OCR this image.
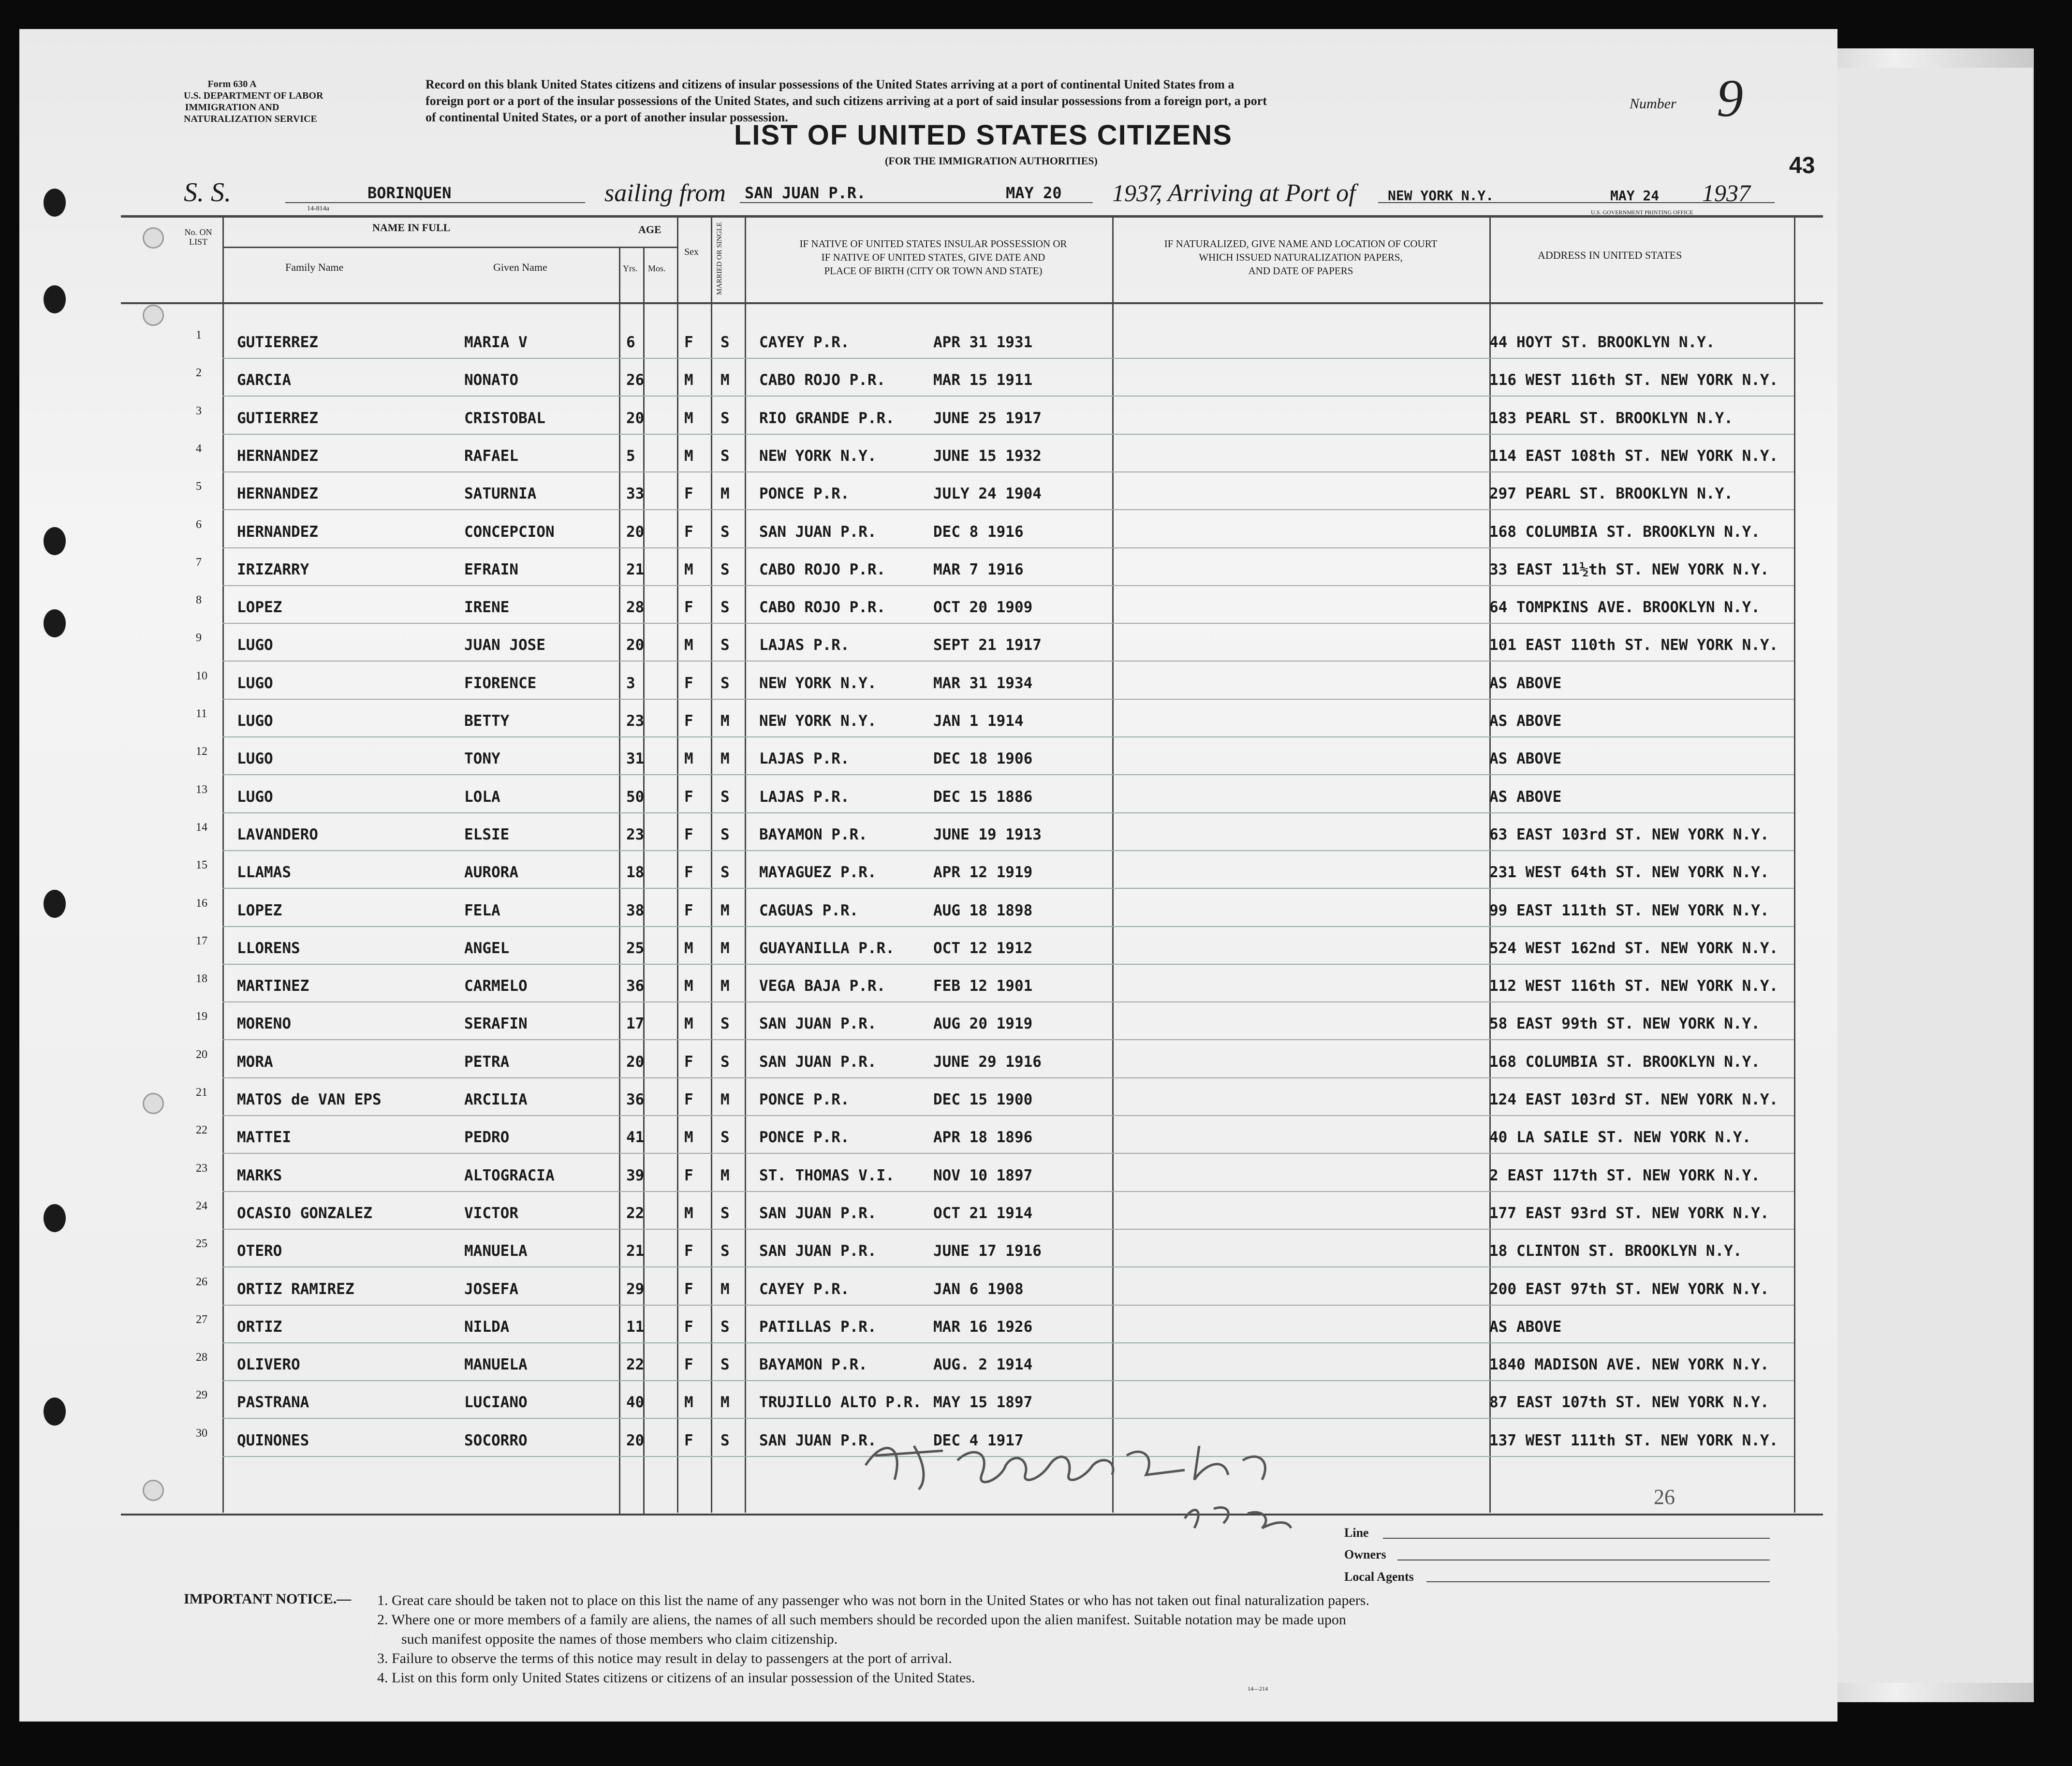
Form 630 A
U.S. DEPARTMENT OF LABOR
IMMIGRATION AND
NATURALIZATION SERVICE
Record on this blank United States citizens and citizens of insular possessions of the United States arriving at a port of continental United States from a
foreign port or a port of the insular possessions of the United States, and such citizens arriving at a port of said insular possessions from a foreign port, a port
of continental United States, or a port of another insular possession.
Number 9
LIST OF UNITED STATES CITIZENS
(FOR THE IMMIGRATION AUTHORITIES)	43
S. S.	BORINQUEN	sailing from SAN JUAN P.R.	MAY 20 1937
, Arriving at Port of NEW YORK N.Y.	MAY 24 1937
14-814a	U.S. GOVERNMENT PRINTING OFFICE
No. ON LIST
NAME IN FULL
Family Name	Given Name
AGE
Yrs. Mos.
Sex MARRIED OR SINGLE	IF NATIVE OF UNITED STATES INSULAR POSSESSION OR
IF NATIVE OF UNITED STATES, GIVE DATE AND
PLACE OF BIRTH (CITY OR TOWN AND STATE)
IF NATURALIZED, GIVE NAME AND LOCATION OF COURT
WHICH ISSUED NATURALIZATION PAPERS,
AND DATE OF PAPERS
ADDRESS IN UNITED STATES
1 GUTIERREZ	MARIA V	6	F S CAYEY P.R.	APR 31 1931	44 HOYT ST. BROOKLYN N.Y.
2 GARCIA	NONATO	26	M M CABO ROJO P.R.	MAR 15 1911	116 WEST 116th ST. NEW YORK N.Y.
3 GUTIERREZ	CRISTOBAL	20	M S RIO GRANDE P.R.	JUNE 25 1917	183 PEARL ST. BROOKLYN N.Y.
4 HERNANDEZ	RAFAEL	5	M S NEW YORK N.Y.	JUNE 15 1932	114 EAST 108th ST. NEW YORK N.Y.
5 HERNANDEZ	SATURNIA	33	F M PONCE P.R.	JULY 24 1904	297 PEARL ST. BROOKLYN N.Y.
6 HERNANDEZ	CONCEPCION	20	F S SAN JUAN P.R.	DEC 8 1916	168 COLUMBIA ST. BROOKLYN N.Y.
7 IRIZARRY	EFRAIN	21	M S CABO ROJO P.R.	MAR 7 1916	33 EAST 11½th ST. NEW YORK N.Y.
8 LOPEZ	IRENE	28	F S CABO ROJO P.R.	OCT 20 1909	64 TOMPKINS AVE. BROOKLYN N.Y.
9 LUGO	JUAN JOSE	20	M S LAJAS P.R.	SEPT 21 1917	101 EAST 110th ST. NEW YORK N.Y.
10 LUGO	FIORENCE	3	F S NEW YORK N.Y.	MAR 31 1934	AS ABOVE
11 LUGO	BETTY	23	F M NEW YORK N.Y.	JAN 1 1914	AS ABOVE
12 LUGO	TONY	31	M M LAJAS P.R.	DEC 18 1906	AS ABOVE
13 LUGO	LOLA	50	F S LAJAS P.R.	DEC 15 1886	AS ABOVE
14 LAVANDERO	ELSIE	23	F S BAYAMON P.R.	JUNE 19 1913	63 EAST 103rd ST. NEW YORK N.Y.
15 LLAMAS	AURORA	18	F S MAYAGUEZ P.R.	APR 12 1919	231 WEST 64th ST. NEW YORK N.Y.
16 LOPEZ	FELA	38	F M CAGUAS P.R.	AUG 18 1898	99 EAST 111th ST. NEW YORK N.Y.
17 LLORENS	ANGEL	25	M M GUAYANILLA P.R.	OCT 12 1912	524 WEST 162nd ST. NEW YORK N.Y.
18 MARTINEZ	CARMELO	36	M M VEGA BAJA P.R.	FEB 12 1901	112 WEST 116th ST. NEW YORK N.Y.
19 MORENO	SERAFIN	17	M S SAN JUAN P.R.	AUG 20 1919	58 EAST 99th ST. NEW YORK N.Y.
20 MORA	PETRA	20	F S SAN JUAN P.R.	JUNE 29 1916	168 COLUMBIA ST. BROOKLYN N.Y.
21 MATOS de VAN EPS	ARCILIA	36	F M PONCE P.R.	DEC 15 1900	124 EAST 103rd ST. NEW YORK N.Y.
22 MATTEI	PEDRO	41	M S PONCE P.R.	APR 18 1896	40 LA SAILE ST. NEW YORK N.Y.
23 MARKS	ALTOGRACIA	39	F M ST. THOMAS V.I.	NOV 10 1897	2 EAST 117th ST. NEW YORK N.Y.
24 OCASIO GONZALEZ	VICTOR	22	M S SAN JUAN P.R.	OCT 21 1914	177 EAST 93rd ST. NEW YORK N.Y.
25 OTERO	MANUELA	21	F S SAN JUAN P.R.	JUNE 17 1916	18 CLINTON ST. BROOKLYN N.Y.
26 ORTIZ RAMIREZ	JOSEFA	29	F M CAYEY P.R.	JAN 6 1908	200 EAST 97th ST. NEW YORK N.Y.
27 ORTIZ	NILDA	11	F S PATILLAS P.R.	MAR 16 1926	AS ABOVE
28 OLIVERO	MANUELA	22	F S BAYAMON P.R.	AUG. 2 1914	1840 MADISON AVE. NEW YORK N.Y.
29 PASTRANA	LUCIANO	40	M M TRUJILLO ALTO P.R. MAY 15 1897	87 EAST 107th ST. NEW YORK N.Y.
30 QUINONES	SOCORRO	20	F S SAN JUAN P.R.	DEC 4 1917	137 WEST 111th ST. NEW YORK N.Y.
26
Line
Owners
Local Agents
IMPORTANT NOTICE.— 1. Great care should be taken not to place on this list the name of any passenger who was not born in the United States or who has not taken out final naturalization papers.
2. Where one or more members of a family are aliens, the names of all such members should be recorded upon the alien manifest. Suitable notation may be made upon
such manifest opposite the names of those members who claim citizenship.
3. Failure to observe the terms of this notice may result in delay to passengers at the port of arrival.
4. List on this form only United States citizens or citizens of an insular possession of the United States.
14—214
